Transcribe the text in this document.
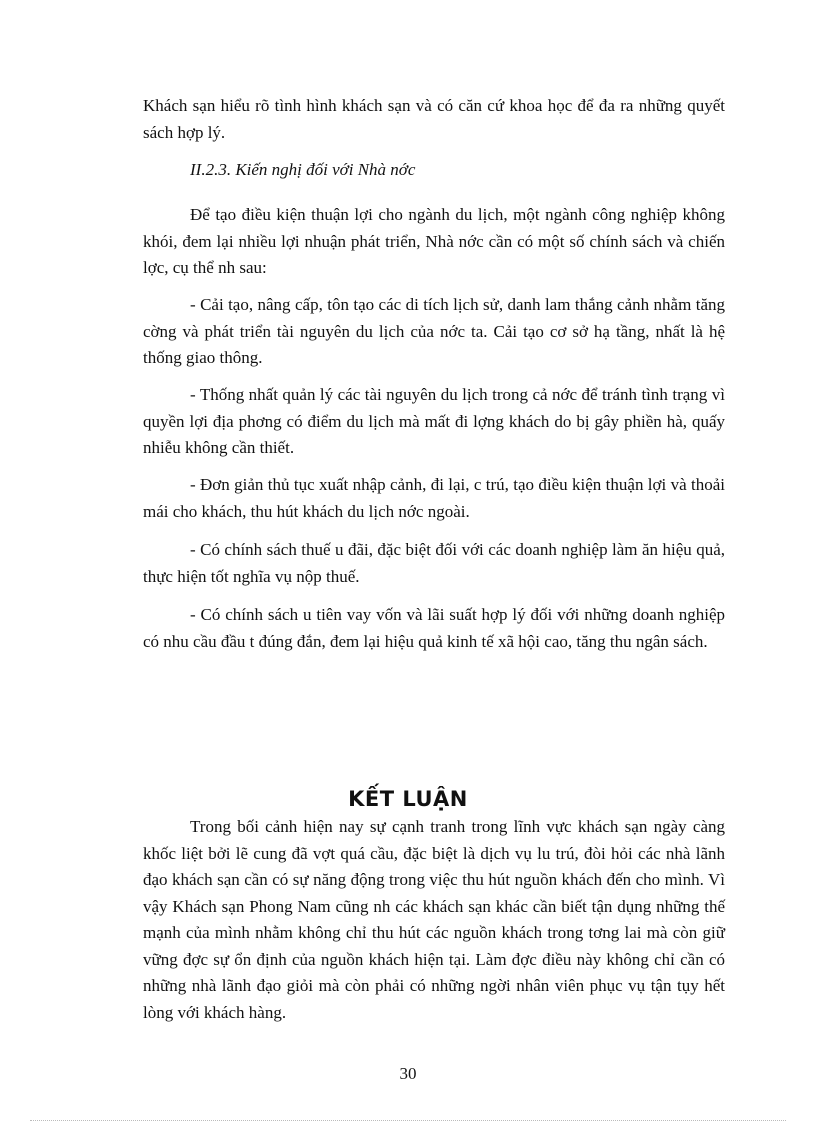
Khách sạn hiểu rõ tình hình khách sạn và có căn cứ khoa học để đa ra những quyết sách hợp lý.

II.2.3. Kiến nghị đối với Nhà nớc

Để tạo điều kiện thuận lợi cho ngành du lịch, một ngành công nghiệp không khói, đem lại nhiều lợi nhuận phát triển, Nhà nớc cần có một số chính sách và chiến lợc, cụ thể nh sau:

- Cải tạo, nâng cấp, tôn tạo các di tích lịch sử, danh lam thắng cảnh nhằm tăng cờng và phát triển tài nguyên du lịch của nớc ta. Cải tạo cơ sở hạ tầng, nhất là hệ thống giao thông.

- Thống nhất quản lý các tài nguyên du lịch trong cả nớc để tránh tình trạng vì quyền lợi địa phơng có điểm du lịch mà mất đi lợng khách do bị gây phiền hà, quấy nhiễu không cần thiết.

- Đơn giản thủ tục xuất nhập cảnh, đi lại, c trú, tạo điều kiện thuận lợi và thoải mái cho khách, thu hút khách du lịch nớc ngoài.

- Có chính sách thuế u đãi, đặc biệt đối với các doanh nghiệp làm ăn hiệu quả, thực hiện tốt nghĩa vụ nộp thuế.

- Có chính sách u tiên vay vốn và lãi suất hợp lý đối với những doanh nghiệp có nhu cầu đầu t đúng đắn, đem lại hiệu quả kinh tế xã hội cao, tăng thu ngân sách.

KẾT LUẬN

Trong bối cảnh hiện nay sự cạnh tranh trong lĩnh vực khách sạn ngày càng khốc liệt bởi lẽ cung đã vợt quá cầu, đặc biệt là dịch vụ lu trú, đòi hỏi các nhà lãnh đạo khách sạn cần có sự năng động trong việc thu hút nguồn khách đến cho mình. Vì vậy Khách sạn Phong Nam cũng nh các khách sạn khác cần biết tận dụng những thế mạnh của mình nhằm không chỉ thu hút các nguồn khách trong tơng lai mà còn giữ vững đợc sự ổn định của nguồn khách hiện tại. Làm đợc điều này không chỉ cần có những nhà lãnh đạo giỏi mà còn phải có những ngời nhân viên phục vụ tận tụy hết lòng với khách hàng.

30
